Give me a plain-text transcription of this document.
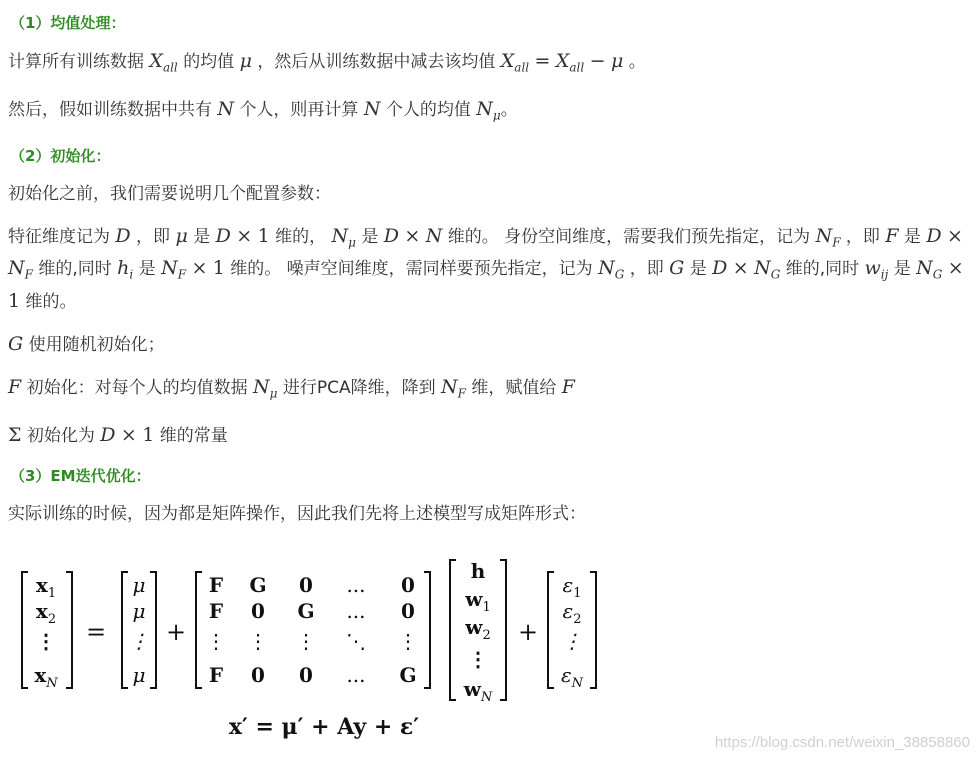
（1）均值处理：
计算所有训练数据 $X_{all}$ 的均值 μ ，然后从训练数据中减去该均值 $X_{all} = X_{all} - \mu$ 。
然后，假如训练数据中共有 N 个人，则再计算 N 个人的均值 $N_\mu$。
（2）初始化：
初始化之前，我们需要说明几个配置参数：
特征维度记为 D ，即 μ 是 D × 1 维的， $N_\mu$ 是 D × N 维的。 身份空间维度，需要我们预先指定，记为 $N_F$ ，即 F 是 $D \times N_F$ 维的,同时 $h_i$ 是 $N_F \times 1$ 维的。 噪声空间维度，需同样要预先指定，记为 $N_G$ ，即 G 是 $D \times N_G$ 维的,同时 $w_{ij}$ 是 $N_G \times 1$ 维的。
G 使用随机初始化；
F 初始化：对每个人的均值数据 $N_\mu$ 进行PCA降维，降到 $N_F$ 维，赋值给 F
Σ 初始化为 D × 1 维的常量
（3）EM迭代优化：
实际训练的时候，因为都是矩阵操作，因此我们先将上述模型写成矩阵形式：
$x_1$
$x_2$
⋮
$x_N$
=
μ
μ
⋮
μ
+
F G 0 ... 0
F 0 G ... 0
⋮ ⋮ ⋮ ⋱ ⋮
F 0 0 ... G
h
$w_1$
$w_2$
⋮
$w_N$
+
$\varepsilon_1$
$\varepsilon_2$
⋮
$\varepsilon_N$
x′ = μ′ + Ay + ε′
https://blog.csdn.net/weixin_38858860
